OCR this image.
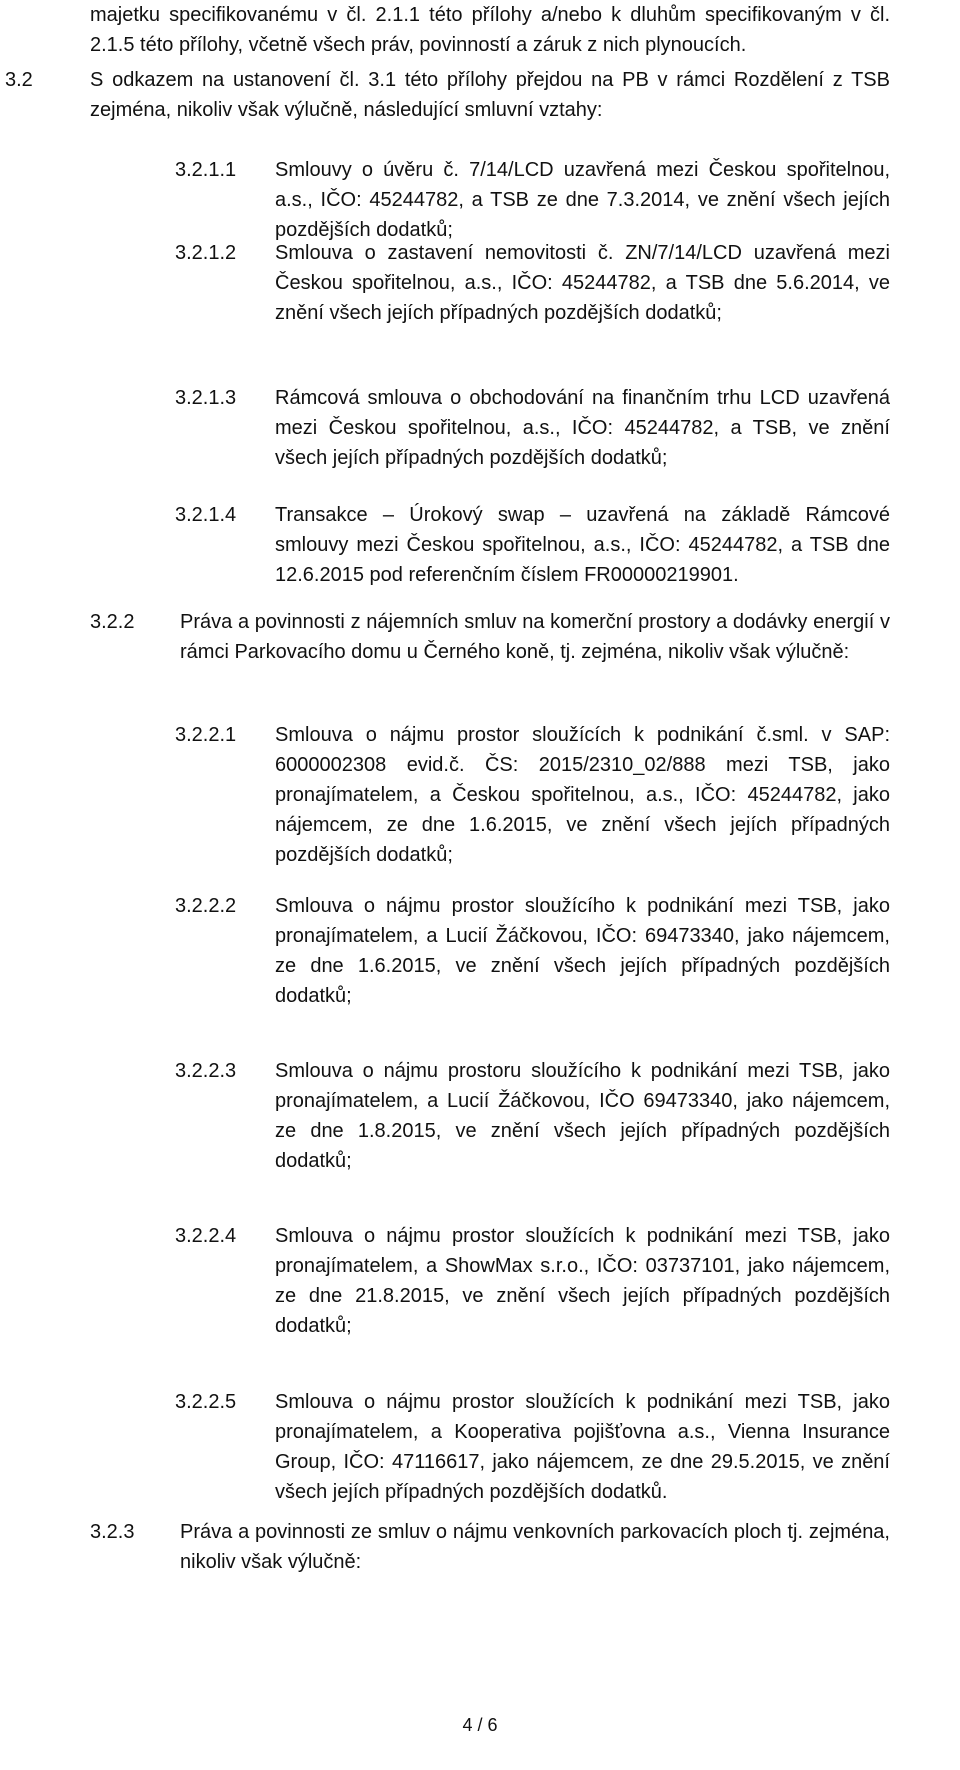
majetku specifikovanému v čl. 2.1.1 této přílohy a/nebo k dluhům specifikovaným v čl. 2.1.5 této přílohy, včetně všech práv, povinností a záruk z nich plynoucích.

3.2	S odkazem na ustanovení čl. 3.1 této přílohy přejdou na PB v rámci Rozdělení z TSB zejména, nikoliv však výlučně, následující smluvní vztahy:

3.2.1.1 Smlouvy o úvěru č. 7/14/LCD uzavřená mezi Českou spořitelnou, a.s., IČO: 45244782, a TSB ze dne 7.3.2014, ve znění všech jejích pozdějších dodatků;

3.2.1.2 Smlouva o zastavení nemovitosti č. ZN/7/14/LCD uzavřená mezi Českou spořitelnou, a.s., IČO: 45244782, a TSB dne 5.6.2014, ve znění všech jejích případných pozdějších dodatků;

3.2.1.3 Rámcová smlouva o obchodování na finančním trhu LCD uzavřená mezi Českou spořitelnou, a.s., IČO: 45244782, a TSB, ve znění všech jejích případných pozdějších dodatků;

3.2.1.4 Transakce – Úrokový swap – uzavřená na základě Rámcové smlouvy mezi Českou spořitelnou, a.s., IČO: 45244782, a TSB dne 12.6.2015 pod referenčním číslem FR00000219901.

3.2.2 Práva a povinnosti z nájemních smluv na komerční prostory a dodávky energií v rámci Parkovacího domu u Černého koně, tj. zejména, nikoliv však výlučně:

3.2.2.1 Smlouva o nájmu prostor sloužících k podnikání č.sml. v SAP: 6000002308 evid.č. ČS: 2015/2310_02/888 mezi TSB, jako pronajímatelem, a Českou spořitelnou, a.s., IČO: 45244782, jako nájemcem, ze dne 1.6.2015, ve znění všech jejích případných pozdějších dodatků;

3.2.2.2 Smlouva o nájmu prostor sloužícího k podnikání mezi TSB, jako pronajímatelem, a Lucií Žáčkovou, IČO: 69473340, jako nájemcem, ze dne 1.6.2015, ve znění všech jejích případných pozdějších dodatků;

3.2.2.3 Smlouva o nájmu prostoru sloužícího k podnikání mezi TSB, jako pronajímatelem, a Lucií Žáčkovou, IČO 69473340, jako nájemcem, ze dne 1.8.2015, ve znění všech jejích případných pozdějších dodatků;

3.2.2.4 Smlouva o nájmu prostor sloužících k podnikání mezi TSB, jako pronajímatelem, a ShowMax s.r.o., IČO: 03737101, jako nájemcem, ze dne 21.8.2015, ve znění všech jejích případných pozdějších dodatků;

3.2.2.5 Smlouva o nájmu prostor sloužících k podnikání mezi TSB, jako pronajímatelem, a Kooperativa pojišťovna a.s., Vienna Insurance Group, IČO: 47116617, jako nájemcem, ze dne 29.5.2015, ve znění všech jejích případných pozdějších dodatků.

3.2.3 Práva a povinnosti ze smluv o nájmu venkovních parkovacích ploch tj. zejména, nikoliv však výlučně:

4 / 6
